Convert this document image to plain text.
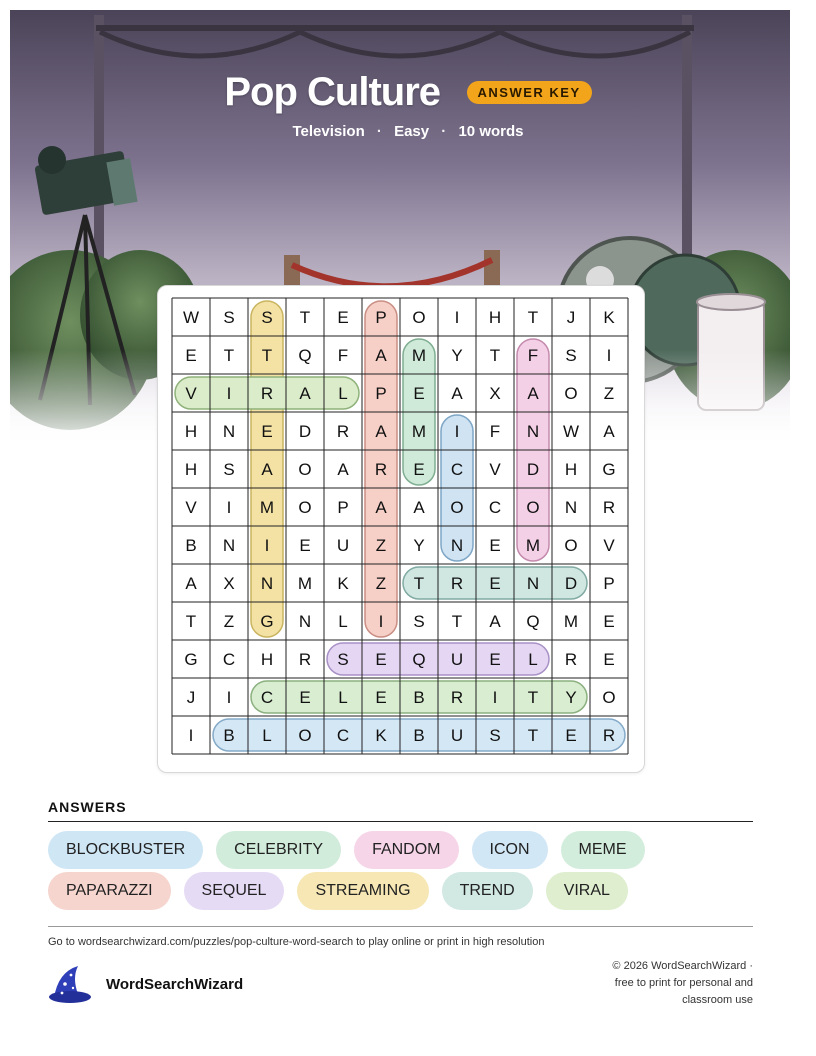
Pop Culture	ANSWER KEY
Television · Easy · 10 words
W S S T E P O I H T J K
E T T Q F A M Y T F S I
V I R A L P E A X A O Z
H N E D R A M I F N W A
H S A O A R E C V D H G
V I M O P A A O C O N R
B N I E U Z Y N E M O V
A X N M K Z T R E N D P
T Z G N L I S T A Q M E
G C H R S E Q U E L R E
J I C E L E B R I T Y O
I B L O C K B U S T E R
ANSWERS
BLOCKBUSTER	CELEBRITY	FANDOM	ICON	MEME
PAPARAZZI	SEQUEL	STREAMING	TREND	VIRAL
Go to wordsearchwizard.com/puzzles/pop-culture-word-search to play online or print in high resolution
WordSearchWizard
© 2026 WordSearchWizard ·
free to print for personal and
classroom use
